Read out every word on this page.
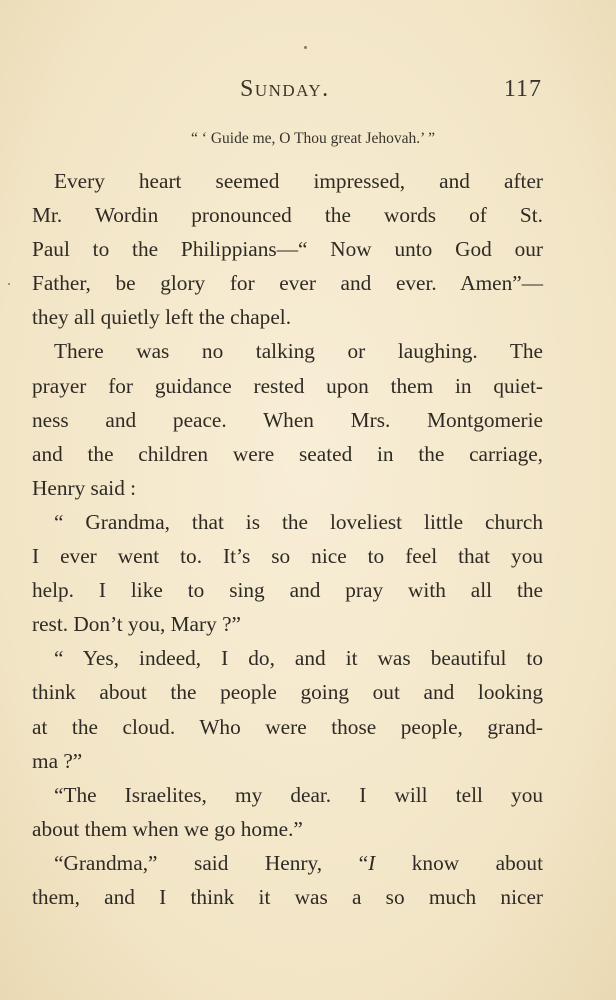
Sunday.	117
“ ‘ Guide me, O Thou great Jehovah.’ ”
Every heart seemed impressed, and after
Mr. Wordin pronounced the words of St.
Paul to the Philippians—“ Now unto God our
Father, be glory for ever and ever. Amen”—
they all quietly left the chapel.
There was no talking or laughing. The
prayer for guidance rested upon them in quiet-
ness and peace. When Mrs. Montgomerie
and the children were seated in the carriage,
Henry said :
“ Grandma, that is the loveliest little church
I ever went to. It’s so nice to feel that you
help. I like to sing and pray with all the
rest. Don’t you, Mary ?”
“ Yes, indeed, I do, and it was beautiful to
think about the people going out and looking
at the cloud. Who were those people, grand-
ma ?”
“The Israelites, my dear. I will tell you
about them when we go home.”
“Grandma,” said Henry, “I know about
them, and I think it was a so much nicer
